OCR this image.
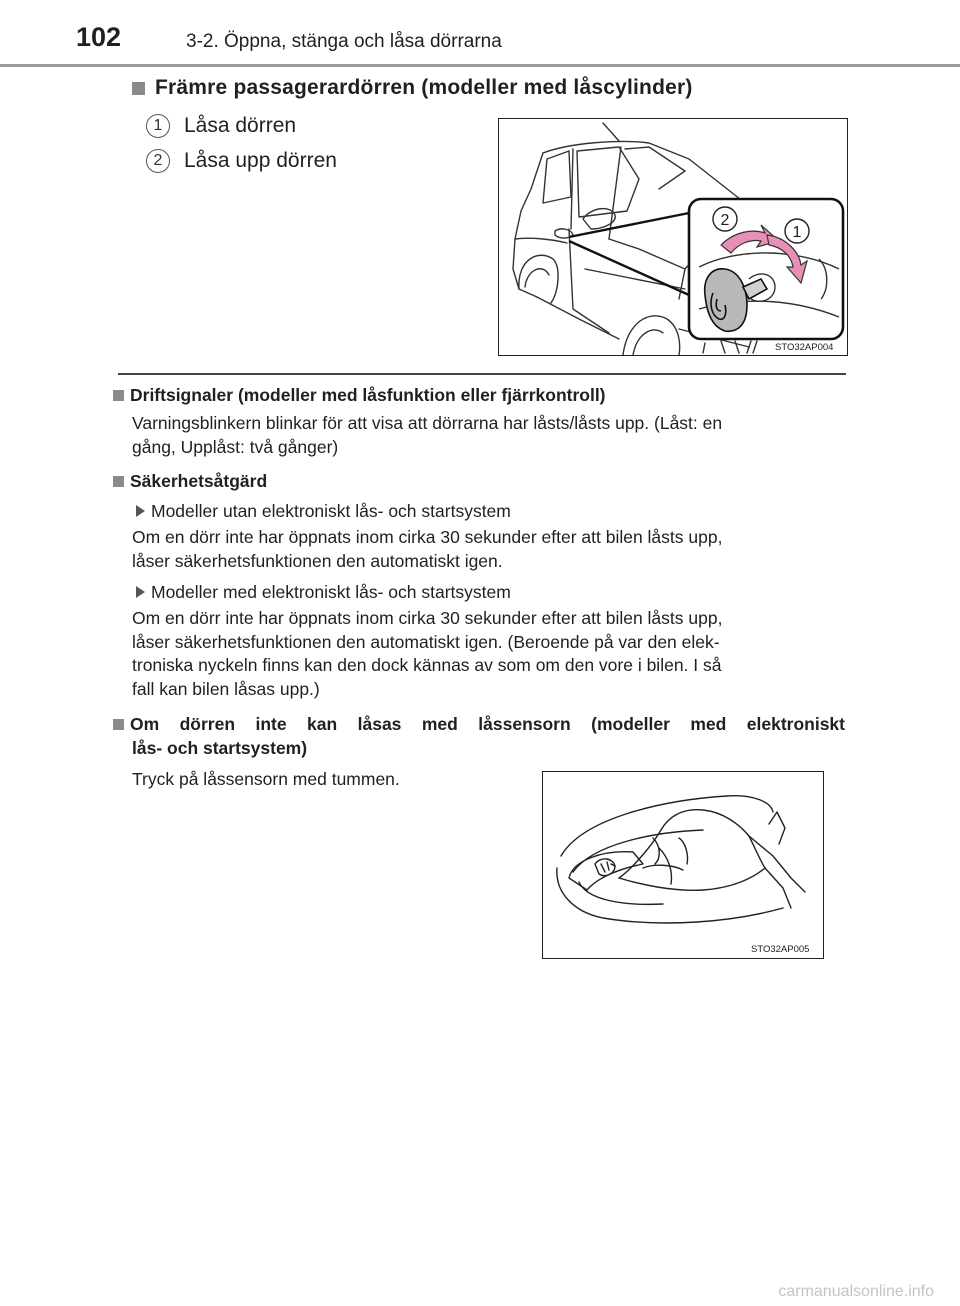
102	3-2. Öppna, stänga och låsa dörrarna
Främre passagerardörren (modeller med låscylinder)
1 Låsa dörren
2 Låsa upp dörren
2
1
STO32AP004
Driftsignaler (modeller med låsfunktion eller fjärrkontroll)
Varningsblinkern blinkar för att visa att dörrarna har låsts/låsts upp. (Låst: en
gång, Upplåst: två gånger)
Säkerhetsåtgärd
Modeller utan elektroniskt lås- och startsystem
Om en dörr inte har öppnats inom cirka 30 sekunder efter att bilen låsts upp,
låser säkerhetsfunktionen den automatiskt igen.
Modeller med elektroniskt lås- och startsystem
Om en dörr inte har öppnats inom cirka 30 sekunder efter att bilen låsts upp,
låser säkerhetsfunktionen den automatiskt igen. (Beroende på var den elek-
troniska nyckeln finns kan den dock kännas av som om den vore i bilen. I så
fall kan bilen låsas upp.)
Om dörren inte kan låsas med låssensorn (modeller med elektroniskt
lås- och startsystem)
Tryck på låssensorn med tummen.
STO32AP005
carmanualsonline.info
